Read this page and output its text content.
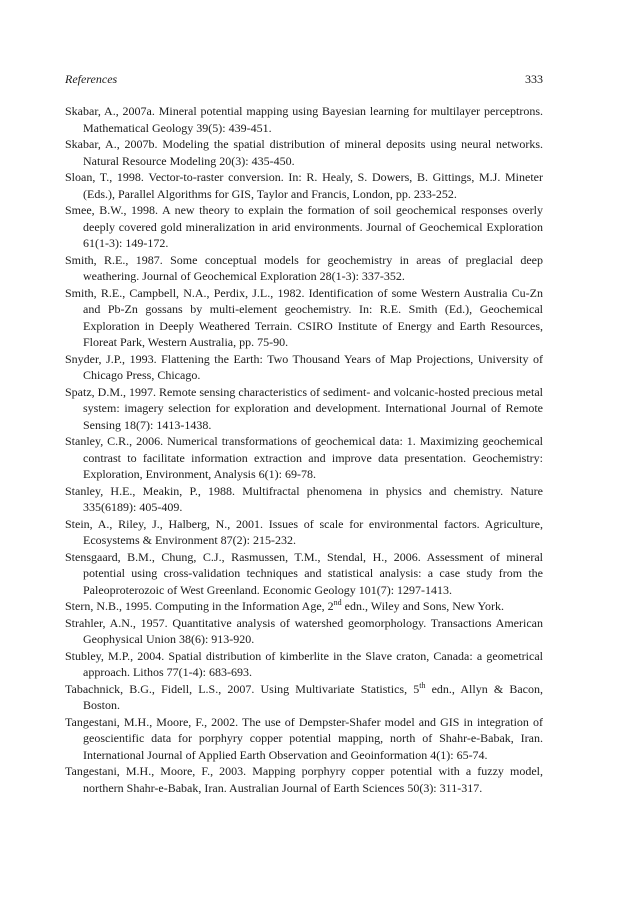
References	333

Skabar, A., 2007a. Mineral potential mapping using Bayesian learning for multilayer perceptrons. Mathematical Geology 39(5): 439-451.

Skabar, A., 2007b. Modeling the spatial distribution of mineral deposits using neural networks. Natural Resource Modeling 20(3): 435-450.

Sloan, T., 1998. Vector-to-raster conversion. In: R. Healy, S. Dowers, B. Gittings, M.J. Mineter (Eds.), Parallel Algorithms for GIS, Taylor and Francis, London, pp. 233-252.

Smee, B.W., 1998. A new theory to explain the formation of soil geochemical responses overly deeply covered gold mineralization in arid environments. Journal of Geochemical Exploration 61(1-3): 149-172.

Smith, R.E., 1987. Some conceptual models for geochemistry in areas of preglacial deep weathering. Journal of Geochemical Exploration 28(1-3): 337-352.

Smith, R.E., Campbell, N.A., Perdix, J.L., 1982. Identification of some Western Australia Cu-Zn and Pb-Zn gossans by multi-element geochemistry. In: R.E. Smith (Ed.), Geochemical Exploration in Deeply Weathered Terrain. CSIRO Institute of Energy and Earth Resources, Floreat Park, Western Australia, pp. 75-90.

Snyder, J.P., 1993. Flattening the Earth: Two Thousand Years of Map Projections, University of Chicago Press, Chicago.

Spatz, D.M., 1997. Remote sensing characteristics of sediment- and volcanic-hosted precious metal system: imagery selection for exploration and development. International Journal of Remote Sensing 18(7): 1413-1438.

Stanley, C.R., 2006. Numerical transformations of geochemical data: 1. Maximizing geochemical contrast to facilitate information extraction and improve data presentation. Geochemistry: Exploration, Environment, Analysis 6(1): 69-78.

Stanley, H.E., Meakin, P., 1988. Multifractal phenomena in physics and chemistry. Nature 335(6189): 405-409.

Stein, A., Riley, J., Halberg, N., 2001. Issues of scale for environmental factors. Agriculture, Ecosystems & Environment 87(2): 215-232.

Stensgaard, B.M., Chung, C.J., Rasmussen, T.M., Stendal, H., 2006. Assessment of mineral potential using cross-validation techniques and statistical analysis: a case study from the Paleoproterozoic of West Greenland. Economic Geology 101(7): 1297-1413.

Stern, N.B., 1995. Computing in the Information Age, 2nd edn., Wiley and Sons, New York.

Strahler, A.N., 1957. Quantitative analysis of watershed geomorphology. Transactions American Geophysical Union 38(6): 913-920.

Stubley, M.P., 2004. Spatial distribution of kimberlite in the Slave craton, Canada: a geometrical approach. Lithos 77(1-4): 683-693.

Tabachnick, B.G., Fidell, L.S., 2007. Using Multivariate Statistics, 5th edn., Allyn & Bacon, Boston.

Tangestani, M.H., Moore, F., 2002. The use of Dempster-Shafer model and GIS in integration of geoscientific data for porphyry copper potential mapping, north of Shahr-e-Babak, Iran. International Journal of Applied Earth Observation and Geoinformation 4(1): 65-74.

Tangestani, M.H., Moore, F., 2003. Mapping porphyry copper potential with a fuzzy model, northern Shahr-e-Babak, Iran. Australian Journal of Earth Sciences 50(3): 311-317.
